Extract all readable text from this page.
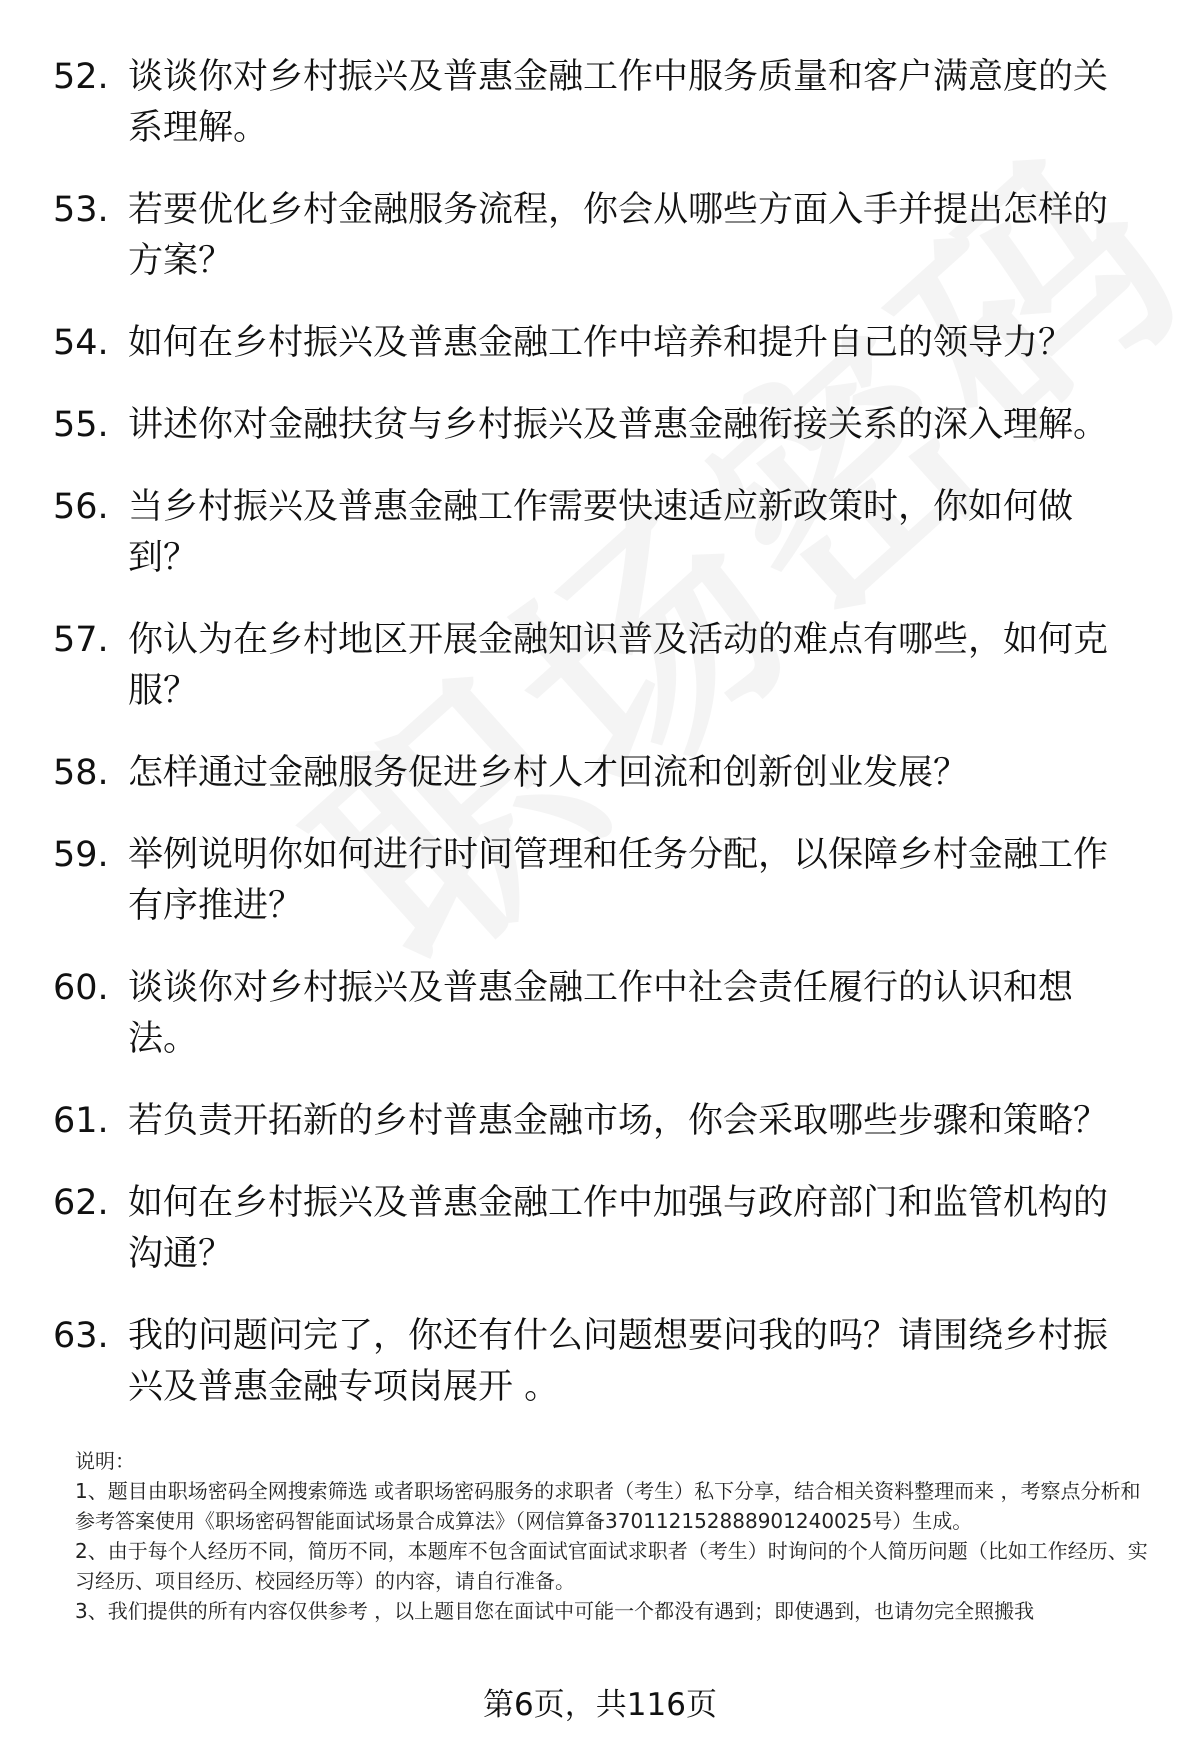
52. 谈谈你对乡村振兴及普惠金融工作中服务质量和客户满意度的关系理解。
53. 若要优化乡村金融服务流程，你会从哪些方面入手并提出怎样的方案？
54. 如何在乡村振兴及普惠金融工作中培养和提升自己的领导力？
55. 讲述你对金融扶贫与乡村振兴及普惠金融衔接关系的深入理解。
56. 当乡村振兴及普惠金融工作需要快速适应新政策时，你如何做到？
57. 你认为在乡村地区开展金融知识普及活动的难点有哪些，如何克服？
58. 怎样通过金融服务促进乡村人才回流和创新创业发展？
59. 举例说明你如何进行时间管理和任务分配，以保障乡村金融工作有序推进？
60. 谈谈你对乡村振兴及普惠金融工作中社会责任履行的认识和想法。
61. 若负责开拓新的乡村普惠金融市场，你会采取哪些步骤和策略？
62. 如何在乡村振兴及普惠金融工作中加强与政府部门和监管机构的沟通？
63. 我的问题问完了，你还有什么问题想要问我的吗？请围绕乡村振兴及普惠金融专项岗展开 。

说明：

1、题目由职场密码全网搜索筛选 或者职场密码服务的求职者（考生）私下分享，结合相关资料整理而来 ，考察点分析和参考答案使用《职场密码智能面试场景合成算法》（网信算备370112152888901240025号）生成。

2、由于每个人经历不同，简历不同，本题库不包含面试官面试求职者（考生）时询问的个人简历问题（比如工作经历、实习经历、项目经历、校园经历等）的内容，请自行准备。

3、我们提供的所有内容仅供参考 ，以上题目您在面试中可能一个都没有遇到；即使遇到，也请勿完全照搬我

第6页，共116页
